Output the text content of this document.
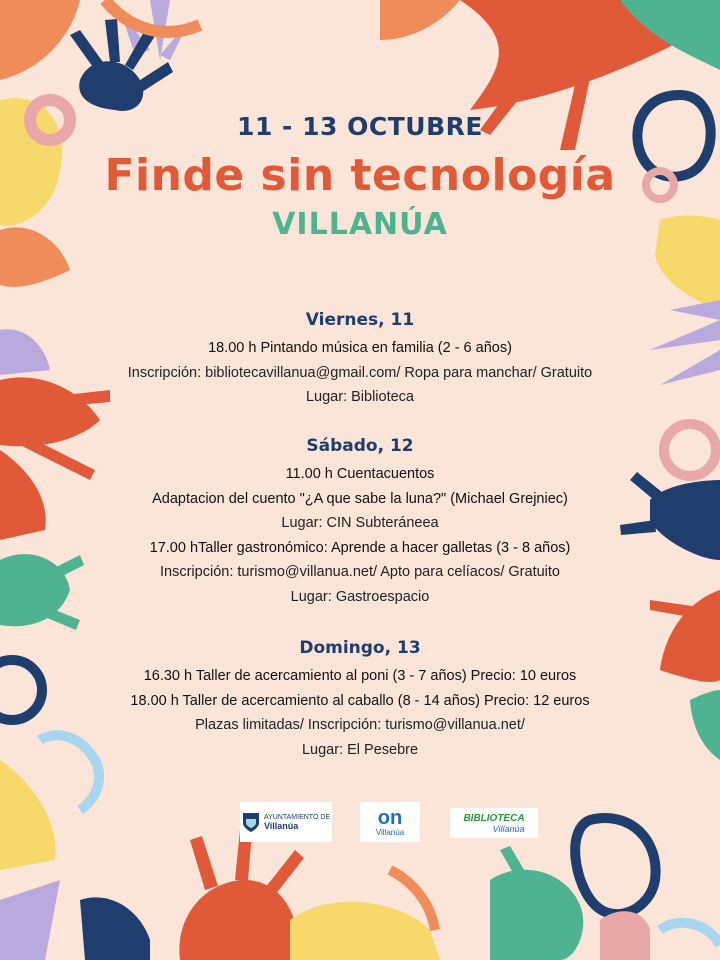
11 - 13 OCTUBRE
Finde sin tecnología
VILLANÚA
Viernes, 11
18.00 h Pintando música en familia (2 - 6 años)
Inscripción: bibliotecavillanua@gmail.com/ Ropa para manchar/ Gratuito
Lugar: Biblioteca
Sábado, 12
11.00 h Cuentacuentos
Adaptacion del cuento "¿A que sabe la luna?" (Michael Grejniec)
Lugar: CIN Subteráneea
17.00 hTaller gastronómico: Aprende a hacer galletas (3 - 8 años)
Inscripción: turismo@villanua.net/ Apto para celíacos/ Gratuito
Lugar: Gastroespacio
Domingo, 13
16.30 h Taller de acercamiento al poni (3 - 7 años) Precio: 10 euros
18.00 h Taller de acercamiento al caballo (8 - 14 años) Precio: 12 euros
Plazas limitadas/ Inscripción: turismo@villanua.net/
Lugar: El Pesebre
AYUNTAMIENTO DE
Villanúa	on
Villanúa
BIBLIOTECA
Villanúa
